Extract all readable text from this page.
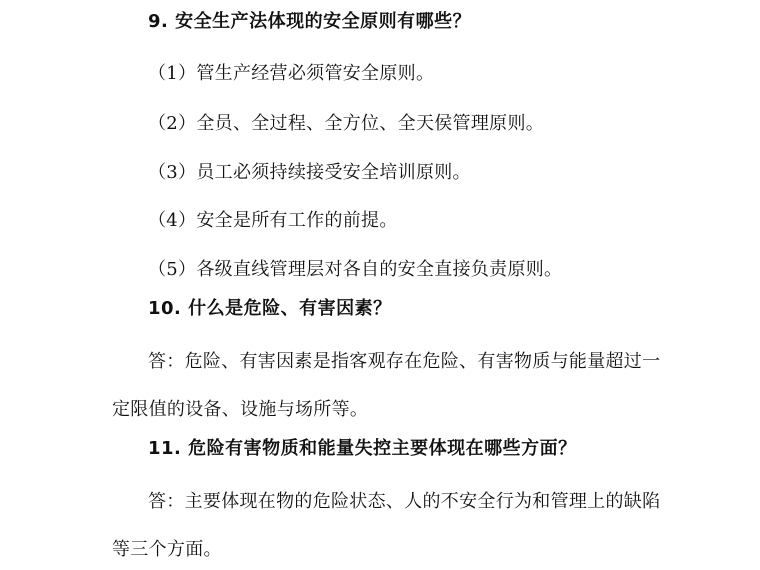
9. 安全生产法体现的安全原则有哪些？
（1）管生产经营必须管安全原则。
（2）全员、全过程、全方位、全天侯管理原则。
（3）员工必须持续接受安全培训原则。
（4）安全是所有工作的前提。
（5）各级直线管理层对各自的安全直接负责原则。
10. 什么是危险、有害因素？
答：危险、有害因素是指客观存在危险、有害物质与能量超过一
定限值的设备、设施与场所等。
11. 危险有害物质和能量失控主要体现在哪些方面？
答：主要体现在物的危险状态、人的不安全行为和管理上的缺陷
等三个方面。
